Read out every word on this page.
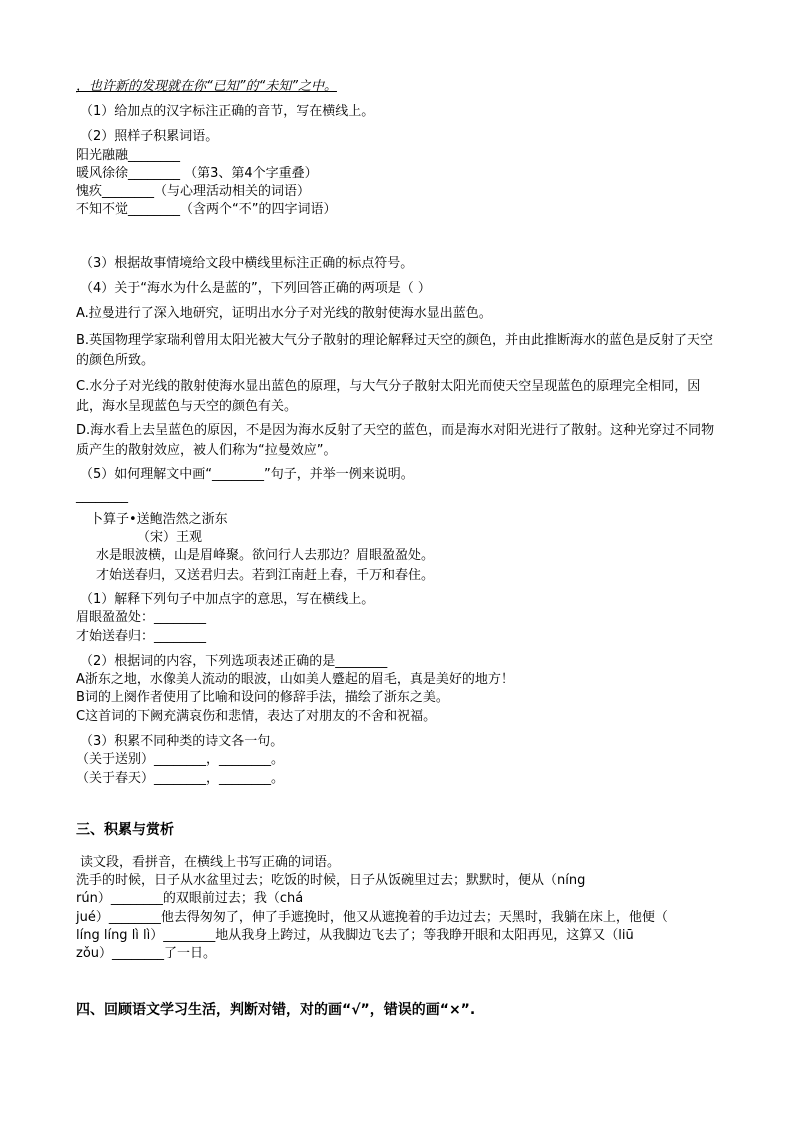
，也许新的发现就在你“已知”的“未知”之中。
（1）给加点的汉字标注正确的音节，写在横线上。
（2）照样子积累词语。
阳光融融________
暖风徐徐________ （第3、第4个字重叠）
愧疚________（与心理活动相关的词语）
不知不觉________（含两个“不”的四字词语）
（3）根据故事情境给文段中横线里标注正确的标点符号。
（4）关于“海水为什么是蓝的”，下列回答正确的两项是（ ）
A.拉曼进行了深入地研究，证明出水分子对光线的散射使海水显出蓝色。
B.英国物理学家瑞利曾用太阳光被大气分子散射的理论解释过天空的颜色，并由此推断海水的蓝色是反射了天空的颜色所致。
C.水分子对光线的散射使海水显出蓝色的原理，与大气分子散射太阳光而使天空呈现蓝色的原理完全相同，因此，海水呈现蓝色与天空的颜色有关。
D.海水看上去呈蓝色的原因，不是因为海水反射了天空的蓝色，而是海水对阳光进行了散射。这种光穿过不同物质产生的散射效应，被人们称为“拉曼效应”。
（5）如何理解文中画“________”句子，并举一例来说明。
________
卜算子•送鲍浩然之浙东
（宋）王观
水是眼波横，山是眉峰聚。欲问行人去那边？眉眼盈盈处。
才始送春归，又送君归去。若到江南赶上春，千万和春住。
（1）解释下列句子中加点字的意思，写在横线上。
眉眼盈盈处：________
才始送春归：________
（2）根据词的内容，下列选项表述正确的是________
A浙东之地，水像美人流动的眼波，山如美人蹙起的眉毛，真是美好的地方！
B词的上阕作者使用了比喻和设问的修辞手法，描绘了浙东之美。
C这首词的下阙充满哀伤和悲情，表达了对朋友的不舍和祝福。
（3）积累不同种类的诗文各一句。
（关于送别）________，________。
（关于春天）________，________。
三、积累与赏析
读文段，看拼音，在横线上书写正确的词语。
洗手的时候，日子从水盆里过去；吃饭的时候，日子从饭碗里过去；默默时，便从（níng
rún）________的双眼前过去；我（chá
jué）________他去得匆匆了，伸了手遮挽时，他又从遮挽着的手边过去；天黑时，我躺在床上，他便（
líng líng lì lì）________地从我身上跨过，从我脚边飞去了；等我睁开眼和太阳再见，这算又（liū
zǒu）________了一日。
四、回顾语文学习生活，判断对错，对的画“√”，错误的画“×”.
